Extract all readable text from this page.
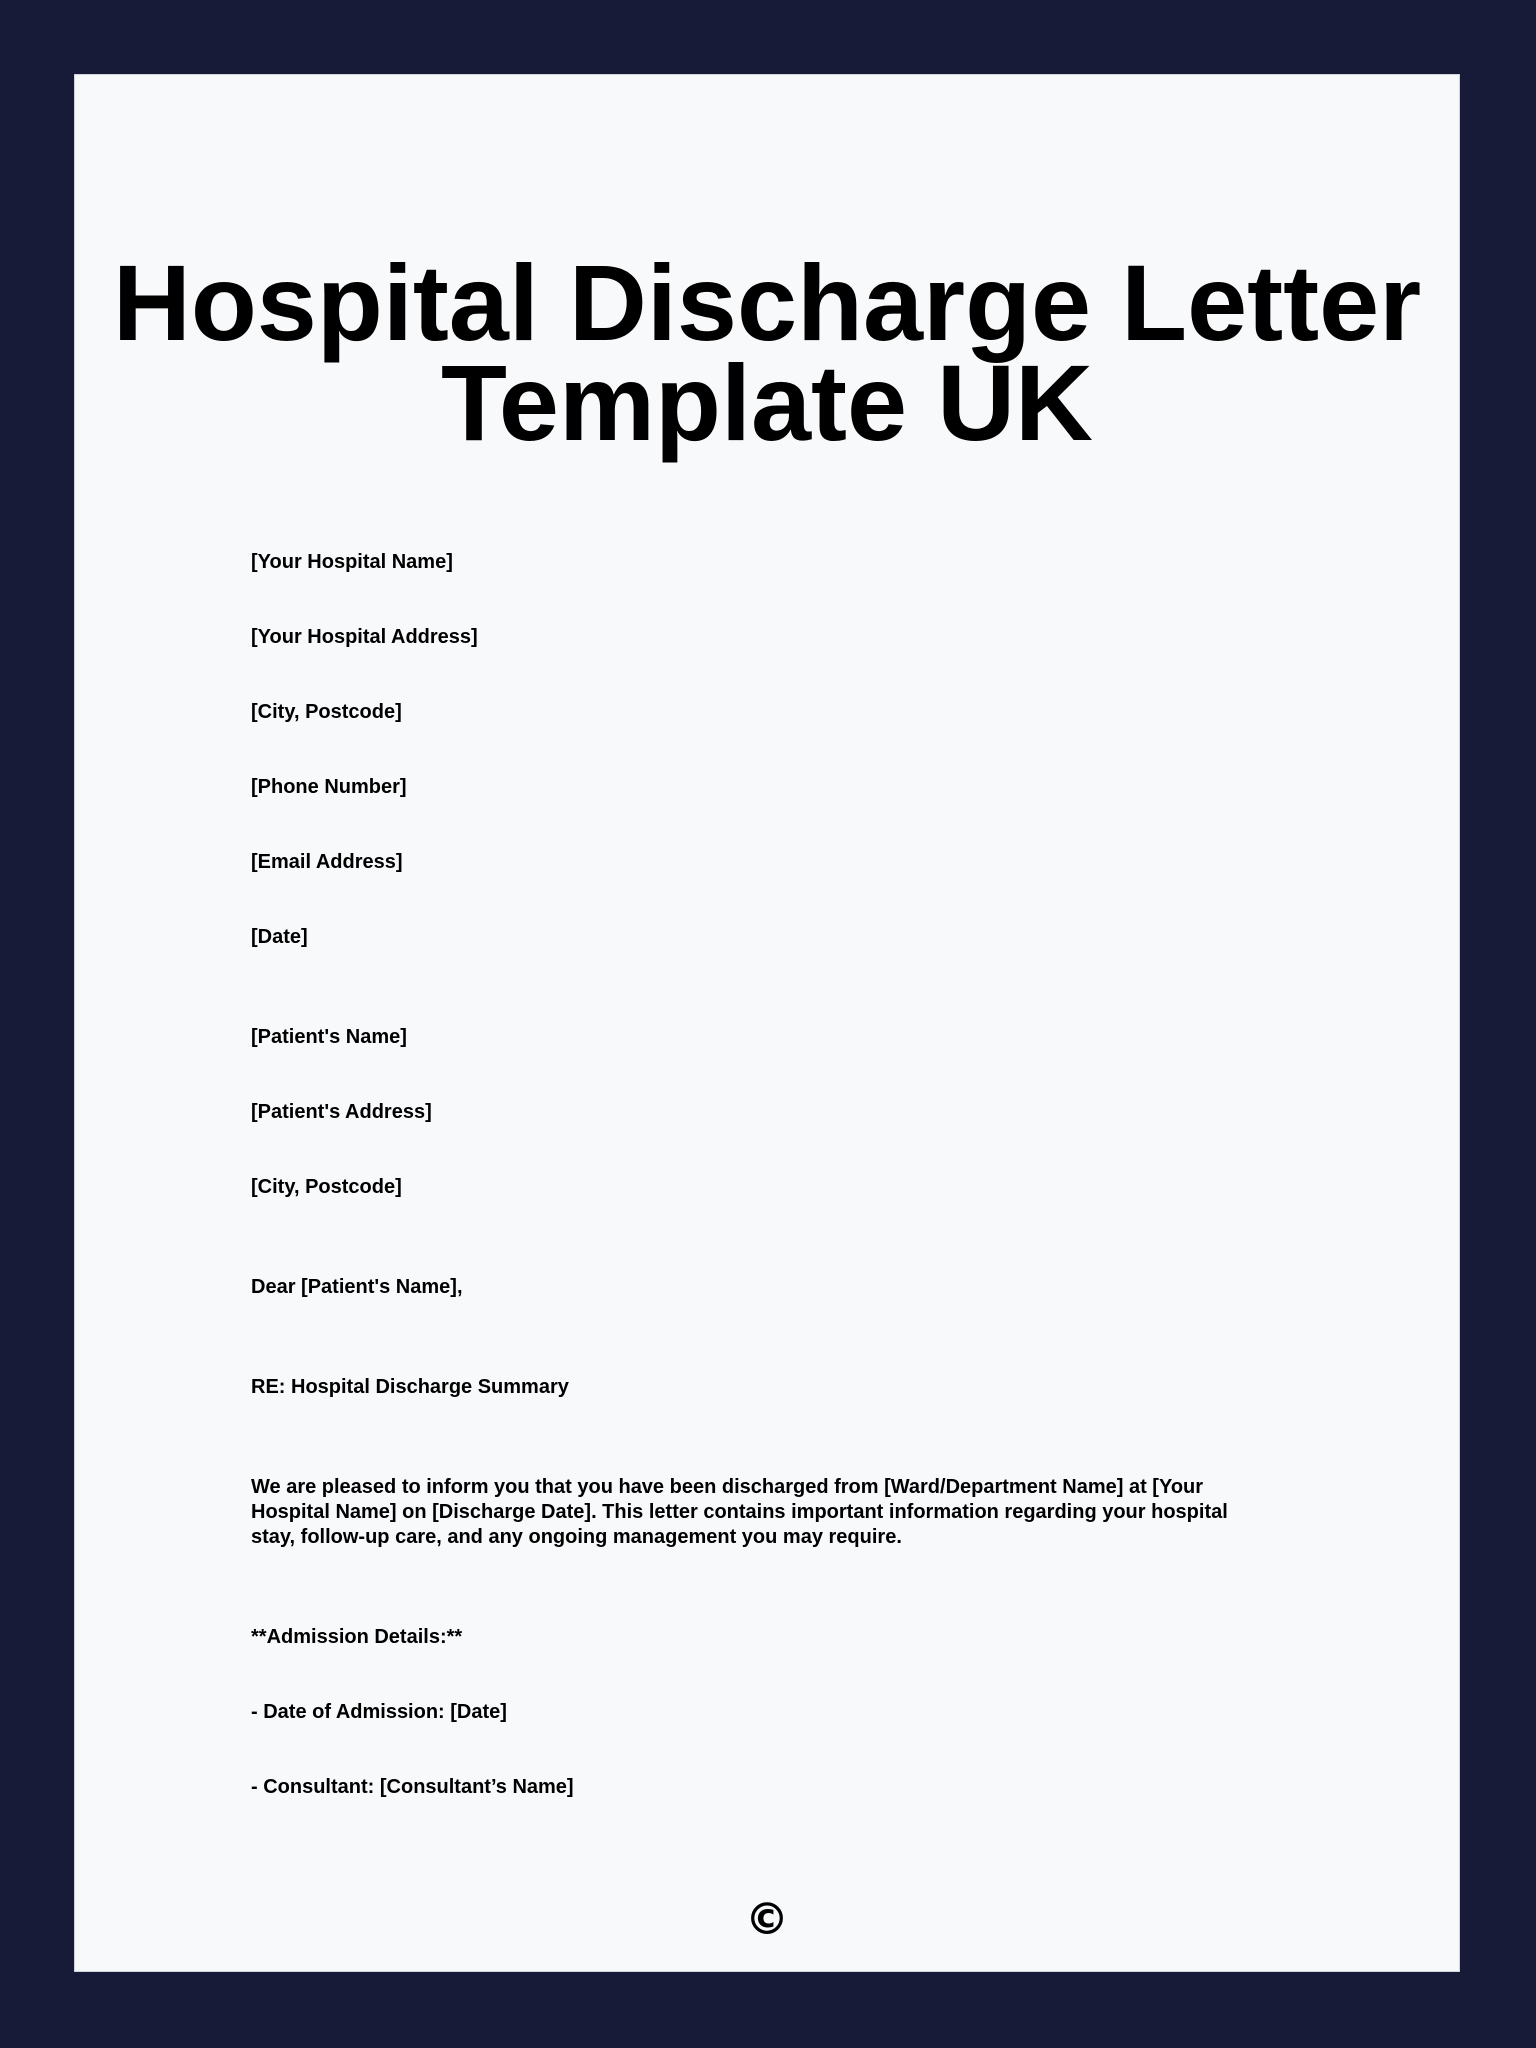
Hospital Discharge Letter Template UK

[Your Hospital Name]

[Your Hospital Address]

[City, Postcode]

[Phone Number]

[Email Address]

[Date]

[Patient's Name]

[Patient's Address]

[City, Postcode]

Dear [Patient's Name],

RE: Hospital Discharge Summary

We are pleased to inform you that you have been discharged from [Ward/Department Name] at [Your Hospital Name] on [Discharge Date]. This letter contains important information regarding your hospital stay, follow-up care, and any ongoing management you may require.

**Admission Details:**

- Date of Admission: [Date]

- Consultant: [Consultant’s Name]

©
